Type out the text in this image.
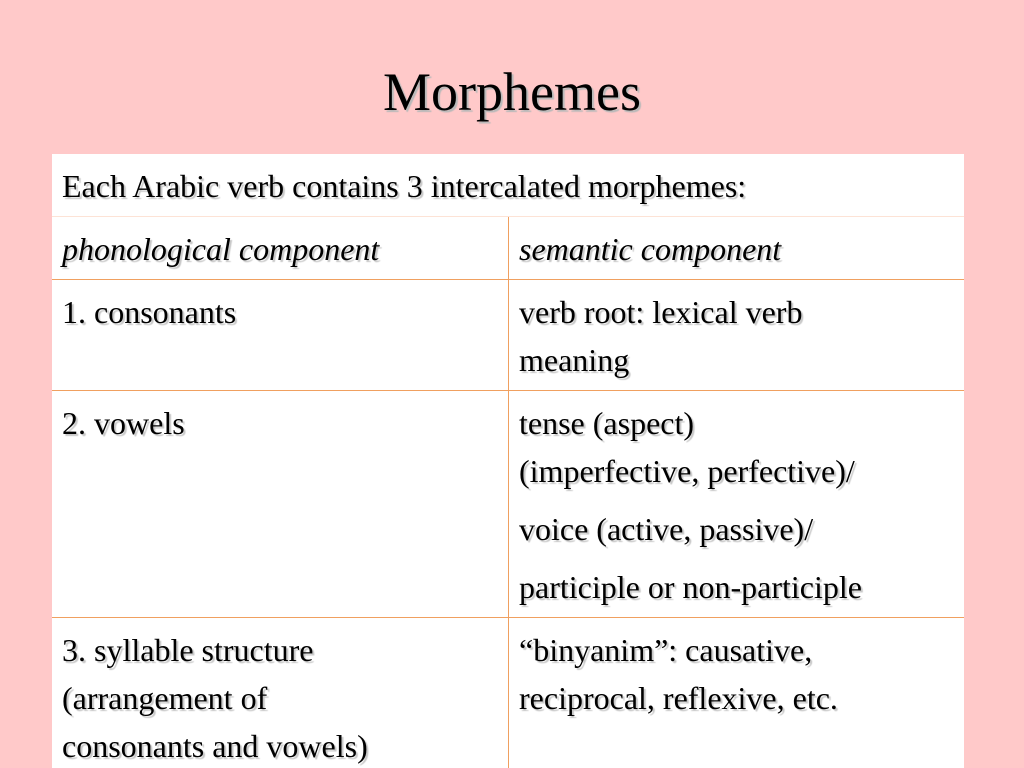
Morphemes
Each Arabic verb contains 3 intercalated morphemes:	
phonological component	semantic component

1. consonants	verb root: lexical verb
meaning

2. vowels	tense (aspect)
(imperfective, perfective)/
voice (active, passive)/
participle or non-participle

3. syllable structure
(arrangement of
consonants and vowels)	“binyanim”: causative,
reciprocal, reflexive, etc.
